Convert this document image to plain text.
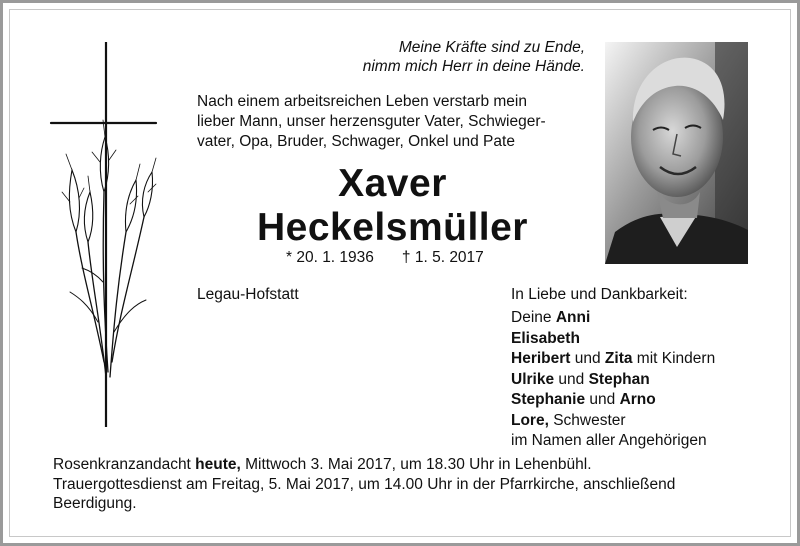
Meine Kräfte sind zu Ende,
nimm mich Herr in deine Hände.
Nach einem arbeitsreichen Leben verstarb mein
lieber Mann, unser herzensguter Vater, Schwieger-
vater, Opa, Bruder, Schwager, Onkel und Pate
Xaver
Heckelsmüller
* 20. 1. 1936 † 1. 5. 2017
Legau-Hofstatt	In Liebe und Dankbarkeit:
Deine Anni
Elisabeth
Heribert und Zita mit Kindern
Ulrike und Stephan
Stephanie und Arno
Lore, Schwester
im Namen aller Angehörigen
Rosenkranzandacht heute, Mittwoch 3. Mai 2017, um 18.30 Uhr in Lehenbühl.
Trauergottesdienst am Freitag, 5. Mai 2017, um 14.00 Uhr in der Pfarrkirche, anschließend
Beerdigung.
